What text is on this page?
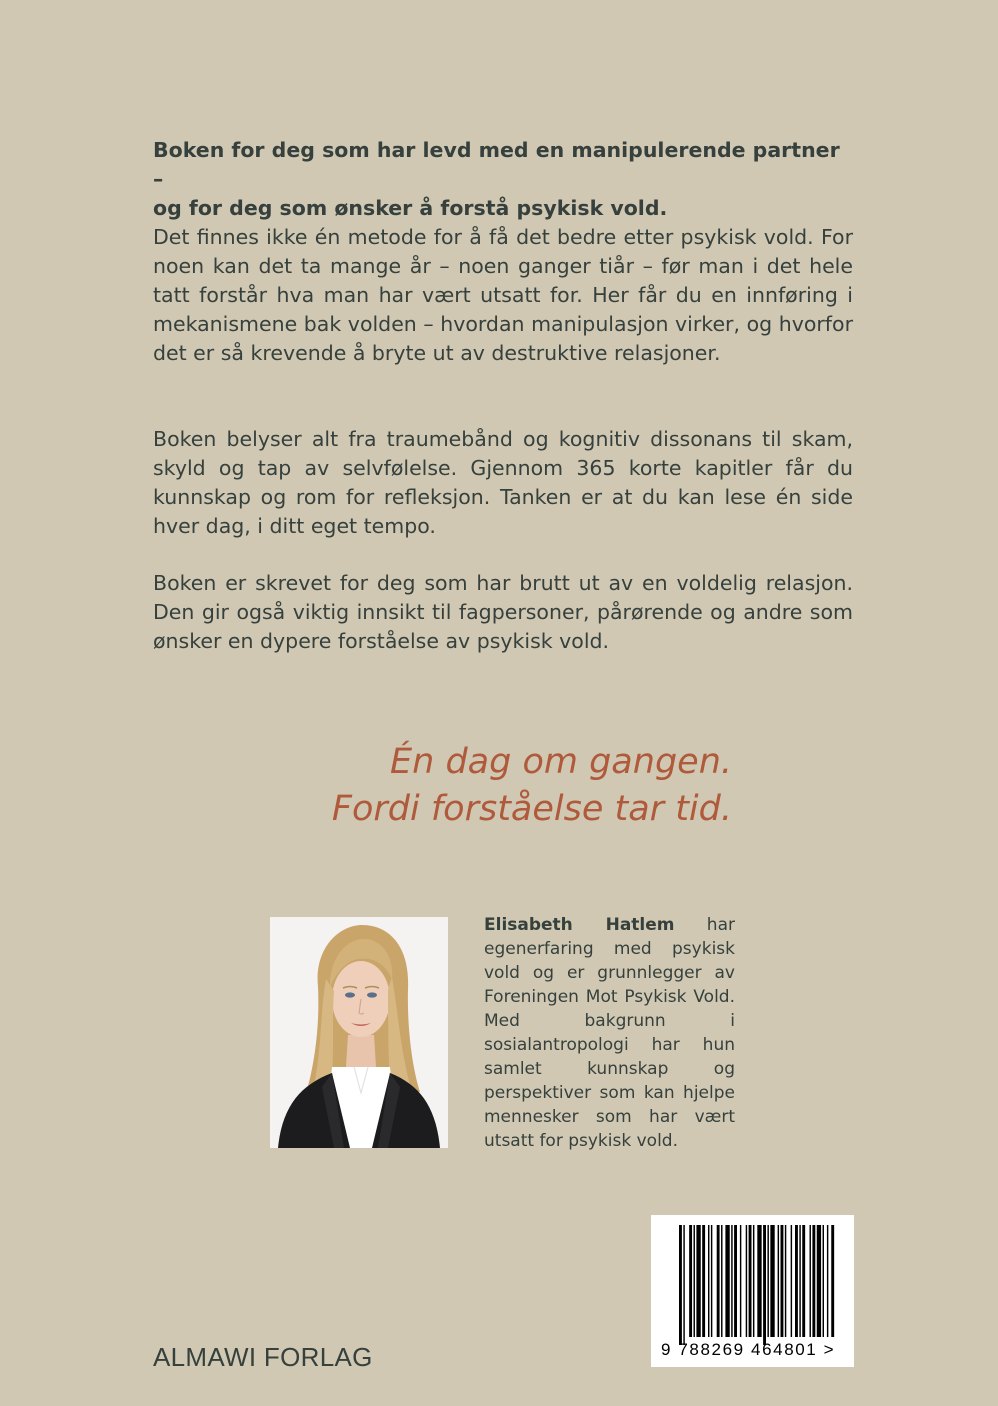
Boken for deg som har levd med en manipulerende partner –
og for deg som ønsker å forstå psykisk vold.

Det finnes ikke én metode for å få det bedre etter psykisk vold. For noen kan det ta mange år – noen ganger tiår – før man i det hele tatt forstår hva man har vært utsatt for. Her får du en innføring i mekanismene bak volden – hvordan manipulasjon virker, og hvorfor det er så krevende å bryte ut av destruktive relasjoner.

Boken belyser alt fra traumebånd og kognitiv dissonans til skam, skyld og tap av selvfølelse. Gjennom 365 korte kapitler får du kunnskap og rom for refleksjon. Tanken er at du kan lese én side hver dag, i ditt eget tempo.

Boken er skrevet for deg som har brutt ut av en voldelig relasjon. Den gir også viktig innsikt til fagpersoner, pårørende og andre som ønsker en dypere forståelse av psykisk vold.

Én dag om gangen.
Fordi forståelse tar tid.

Elisabeth Hatlem har egenerfaring med psykisk vold og er grunnlegger av Foreningen Mot Psykisk Vold. Med bakgrunn i sosialantropologi har hun samlet kunnskap og perspektiver som kan hjelpe mennesker som har vært utsatt for psykisk vold.

ALMAWI FORLAG	9 788269 464801 >
